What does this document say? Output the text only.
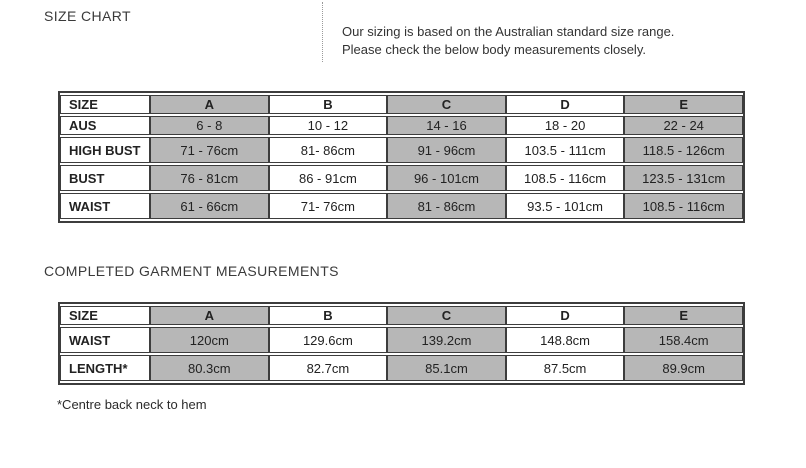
SIZE CHART
Our sizing is based on the Australian standard size range.
Please check the below body measurements closely.
SIZE	A	B	C	D	E
AUS	6 - 8	10 - 12	14 - 16	18 - 20	22 - 24
HIGH BUST	71 - 76cm	81- 86cm	91 - 96cm	103.5 - 111cm	118.5 - 126cm
BUST	76 - 81cm	86 - 91cm	96 - 101cm	108.5 - 116cm	123.5 - 131cm
WAIST	61 - 66cm	71- 76cm	81 - 86cm	93.5 - 101cm	108.5 - 116cm
COMPLETED GARMENT MEASUREMENTS
SIZE	A	B	C	D	E
WAIST	120cm	129.6cm	139.2cm	148.8cm	158.4cm
LENGTH*	80.3cm	82.7cm	85.1cm	87.5cm	89.9cm
*Centre back neck to hem
